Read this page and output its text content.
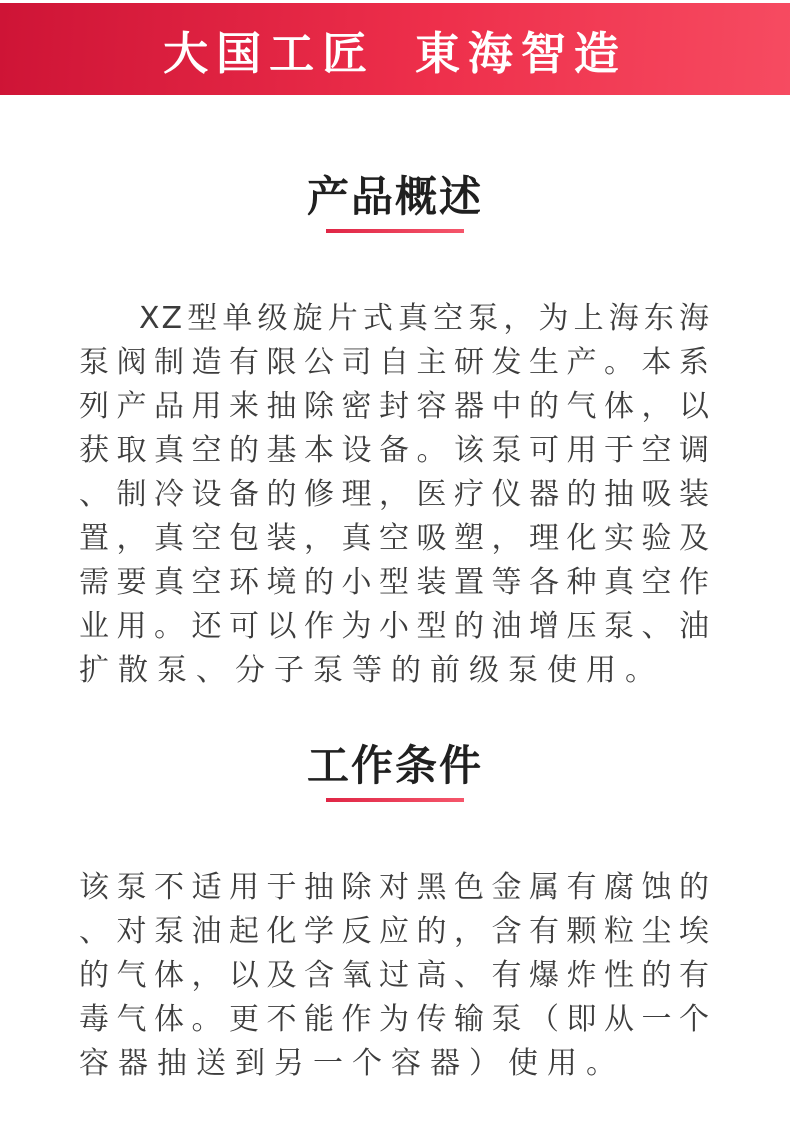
大国工匠 東海智造
产品概述
XZ型单级旋片式真空泵，为上海东海
泵阀制造有限公司自主研发生产。本系
列产品用来抽除密封容器中的气体，以
获取真空的基本设备。该泵可用于空调
、制冷设备的修理，医疗仪器的抽吸装
置，真空包装，真空吸塑，理化实验及
需要真空环境的小型装置等各种真空作
业用。还可以作为小型的油增压泵、油
扩散泵、分子泵等的前级泵使用。
工作条件
该泵不适用于抽除对黑色金属有腐蚀的
、对泵油起化学反应的，含有颗粒尘埃
的气体，以及含氧过高、有爆炸性的有
毒气体。更不能作为传输泵（即从一个
容器抽送到另一个容器）使用。
